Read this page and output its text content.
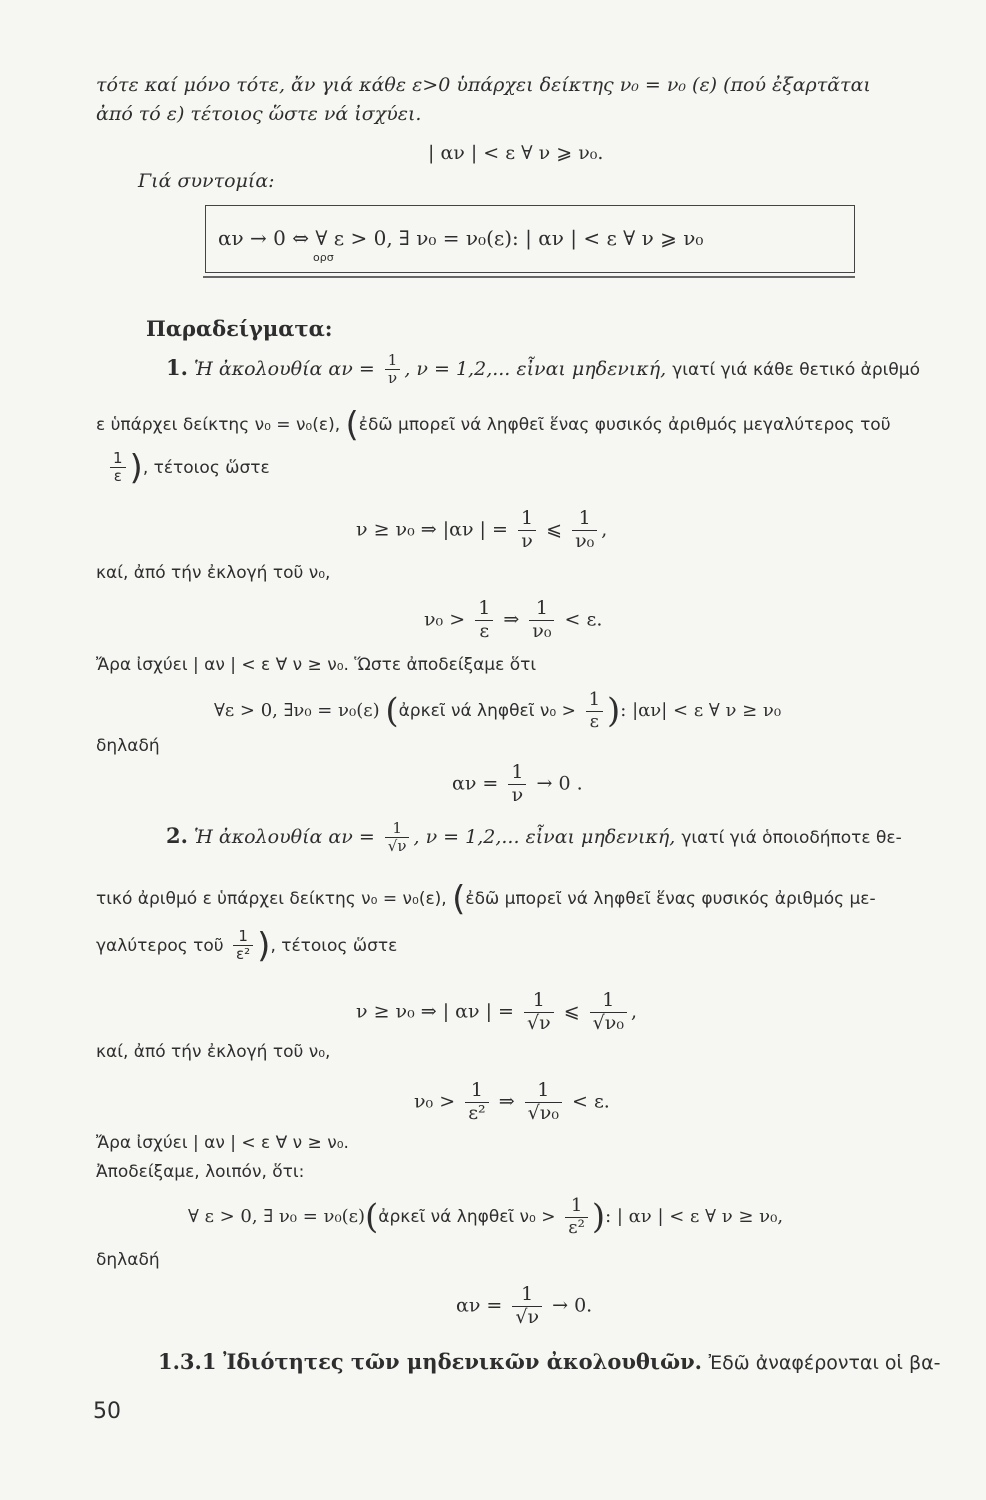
τότε καί μόνο τότε, ἄν γιά κάθε ε>0 ὑπάρχει δείκτης ν₀ = ν₀ (ε) (πού ἐξαρτᾶται
ἀπό τό ε) τέτοιος ὥστε νά ἰσχύει.
| αν | < ε ∀ ν ⩾ ν₀.
Γιά συντομία:
αν → 0 ⇔ ∀ ε > 0, ∃ ν₀ = ν₀(ε): | αν | < ε ∀ ν ⩾ ν₀
ορσ
Παραδείγματα:
1. Ἡ ἀκολουθία $\alpha\nu = \frac{1}{\nu}$ , ν = 1,2,... εἶναι μηδενική, γιατί γιά κάθε θετικό ἀριθμό
ε ὑπάρχει δείκτης ν₀ = ν₀(ε), (ἐδῶ μπορεῖ νά ληφθεῖ ἕνας φυσικός ἀριθμός μεγαλύτερος τοῦ
$\frac{1}{\varepsilon}$ ), τέτοιος ὥστε
ν ≥ ν₀ ⇒ |αν | = $\frac{1}{\nu}$ ⩽ $\frac{1}{\text{ν₀}}$ ,
καί, ἀπό τήν ἐκλογή τοῦ ν₀,
$\nu_0 > \frac{1}{\varepsilon}$ ⇒ $\frac{1}{\text{ν₀}} < \varepsilon$.
Ἄρα ἰσχύει | αν | < ε ∀ ν ≥ ν₀. Ὥστε ἀποδείξαμε ὅτι
∀ε > 0, ∃ν₀ = ν₀(ε) (ἀρκεῖ νά ληφθεῖ $\nu_0 > \frac{1}{\varepsilon}$ ): |αν| < ε ∀ ν ≥ ν₀
δηλαδή
$\alpha\nu = \frac{1}{\nu} \to 0$ .
2. Ἡ ἀκολουθία $\alpha\nu = \frac{1}{√\nu}$ , ν = 1,2,... εἶναι μηδενική, γιατί γιά ὁποιοδήποτε θε-
τικό ἀριθμό ε ὑπάρχει δείκτης ν₀ = ν₀(ε), (ἐδῶ μπορεῖ νά ληφθεῖ ἕνας φυσικός ἀριθμός με-
γαλύτερος τοῦ $\frac{1}{\text{ε²}}$ ), τέτοιος ὥστε
ν ≥ ν₀ ⇒ | αν | = $\frac{1}{√\nu}$ ⩽ $\frac{1}{\text{√ν₀}}$ ,
καί, ἀπό τήν ἐκλογή τοῦ ν₀,
$\nu_0 > \frac{1}{\text{ε²}}$ ⇒ $\frac{1}{\text{√ν₀}} < \varepsilon$.
Ἄρα ἰσχύει | αν | < ε ∀ ν ≥ ν₀.
Ἀποδείξαμε, λοιπόν, ὅτι:
∀ ε > 0, ∃ ν₀ = ν₀(ε)(ἀρκεῖ νά ληφθεῖ $\nu_0 > \frac{1}{\text{ε²}}$ ): | αν | < ε ∀ ν ≥ ν₀,
δηλαδή
$\alpha\nu = \frac{1}{√\nu} \to 0$.
1.3.1 Ἰδιότητες τῶν μηδενικῶν ἀκολουθιῶν. Ἐδῶ ἀναφέρονται οἱ βα-
50
